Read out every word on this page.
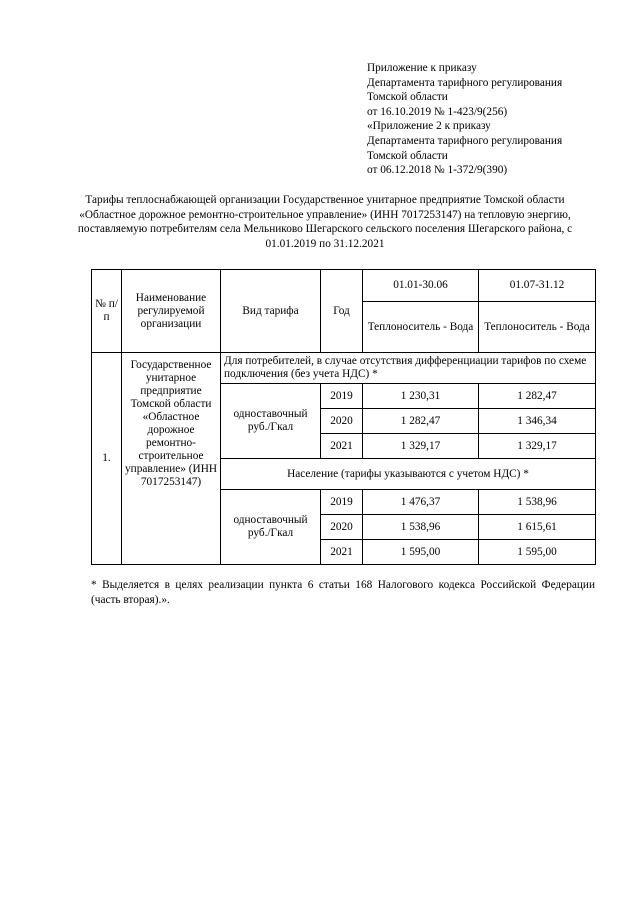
Приложение к приказу
Департамента тарифного регулирования
Томской области
от 16.10.2019 № 1-423/9(256)
«Приложение 2 к приказу
Департамента тарифного регулирования
Томской области
от 06.12.2018 № 1-372/9(390)
Тарифы теплоснабжающей организации Государственное унитарное предприятие Томской области «Областное дорожное ремонтно-строительное управление» (ИНН 7017253147) на тепловую энергию, поставляемую потребителям села Мельниково Шегарского сельского поселения Шегарского района, с 01.01.2019 по 31.12.2021
№ п/п	Наименование регулируемой организации	Вид тарифа	Год	01.01-30.06	01.07-31.12
				Теплоноситель - Вода	Теплоноситель - Вода
1.	Государственное унитарное предприятие Томской области «Областное дорожное ремонтно-строительное управление» (ИНН 7017253147)	Для потребителей, в случае отсутствия дифференциации тарифов по схеме подключения (без учета НДС) *			
		одноставочный руб./Гкал	2019	1 230,31	1 282,47
			2020	1 282,47	1 346,34
			2021	1 329,17	1 329,17
		Население (тарифы указываются с учетом НДС) *			
		одноставочный руб./Гкал	2019	1 476,37	1 538,96
			2020	1 538,96	1 615,61
			2021	1 595,00	1 595,00
* Выделяется в целях реализации пункта 6 статьи 168 Налогового кодекса Российской Федерации (часть вторая).».
